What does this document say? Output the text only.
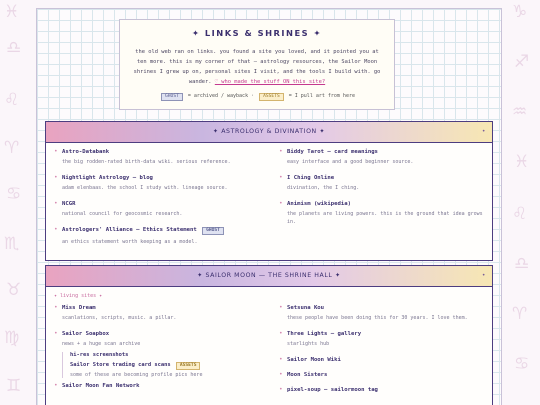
♓
♎
♌
♈
♋
♏
♉
♍
♊
♑
♐
♒
♓
♌
♎
♈
♋
✦ LINKS & SHRINES ✦
the old web ran on links. you found a site you loved, and it pointed you at ten more. this is my corner of that — astrology resources, the Sailor Moon shrines I grew up on, personal sites I visit, and the tools I build with. go wander. ♡ who made the stuff ON this site?
GHOST = archived / wayback · ASSETS = I pull art from here
✦ ASTROLOGY & DIVINATION ✦	•
• Astro-Databank
the big rodden-rated birth-data wiki. serious reference.
• Nightlight Astrology — blog
adam elenbaas. the school I study with. lineage source.
• NCGR
national council for geocosmic research.
• Astrologers' Alliance — Ethics Statement GHOST
an ethics statement worth keeping as a model.
• Biddy Tarot — card meanings
easy interface and a good beginner source.
• I Ching Online
divination, the I ching.
• Animism (wikipedia)
the planets are living powers. this is the ground that idea grows in.
✦ SAILOR MOON — THE SHRINE HALL ✦	•
✦ living sites ✦
• Miss Dream
scanlations, scripts, music. a pillar.
• Sailor Soapbox
news + a huge scan archive
hi-res screenshots
Sailor Store trading card scans ASSETS
some of these are becoming profile pics here
• Sailor Moon Fan Network
• Setsuna Kou
these people have been doing this for 30 years. I love them.
• Three Lights — gallery
starlights hub
• Sailor Moon Wiki
• Moon Sisters
• pixel-soup — sailormoon tag
